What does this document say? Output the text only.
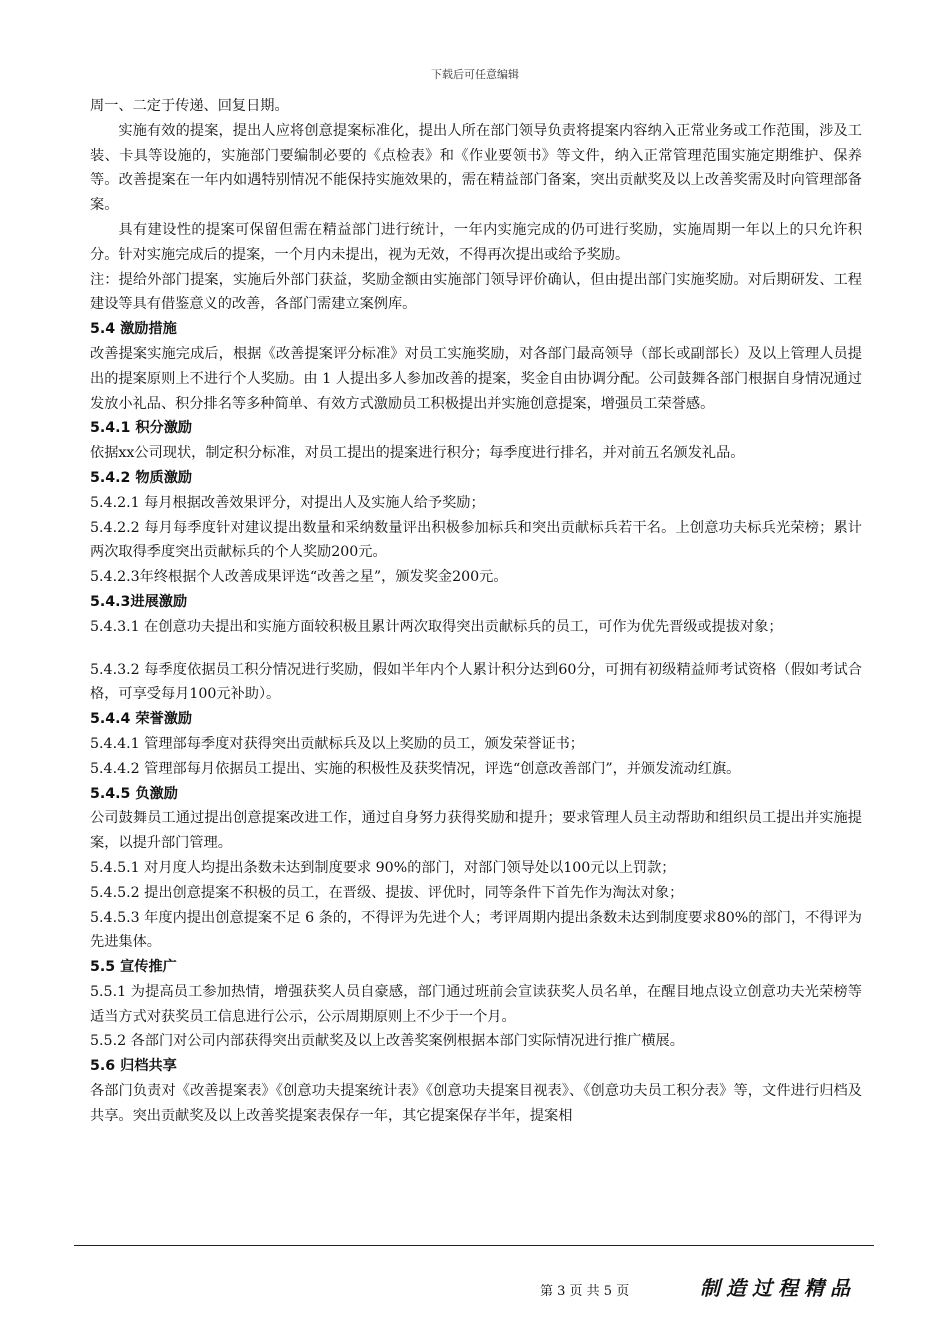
下载后可任意编辑

周一、二定于传递、回复日期。

实施有效的提案，提出人应将创意提案标准化，提出人所在部门领导负责将提案内容纳入正常业务或工作范围，涉及工装、卡具等设施的，实施部门要编制必要的《点检表》和《作业要领书》等文件，纳入正常管理范围实施定期维护、保养等。改善提案在一年内如遇特别情况不能保持实施效果的，需在精益部门备案，突出贡献奖及以上改善奖需及时向管理部备案。

具有建设性的提案可保留但需在精益部门进行统计，一年内实施完成的仍可进行奖励，实施周期一年以上的只允许积分。针对实施完成后的提案，一个月内未提出，视为无效，不得再次提出或给予奖励。

注：提给外部门提案，实施后外部门获益，奖励金额由实施部门领导评价确认，但由提出部门实施奖励。对后期研发、工程建设等具有借鉴意义的改善，各部门需建立案例库。

5.4 激励措施

改善提案实施完成后，根据《改善提案评分标准》对员工实施奖励，对各部门最高领导（部长或副部长）及以上管理人员提出的提案原则上不进行个人奖励。由 1 人提出多人参加改善的提案，奖金自由协调分配。公司鼓舞各部门根据自身情况通过发放小礼品、积分排名等多种简单、有效方式激励员工积极提出并实施创意提案，增强员工荣誉感。

5.4.1 积分激励

依据xx公司现状，制定积分标准，对员工提出的提案进行积分；每季度进行排名，并对前五名颁发礼品。

5.4.2 物质激励

5.4.2.1 每月根据改善效果评分，对提出人及实施人给予奖励；

5.4.2.2 每月每季度针对建议提出数量和采纳数量评出积极参加标兵和突出贡献标兵若干名。上创意功夫标兵光荣榜；累计两次取得季度突出贡献标兵的个人奖励200元。

5.4.2.3年终根据个人改善成果评选“改善之星”，颁发奖金200元。

5.4.3进展激励

5.4.3.1 在创意功夫提出和实施方面较积极且累计两次取得突出贡献标兵的员工，可作为优先晋级或提拔对象；

5.4.3.2 每季度依据员工积分情况进行奖励，假如半年内个人累计积分达到60分，可拥有初级精益师考试资格（假如考试合格，可享受每月100元补助）。

5.4.4 荣誉激励

5.4.4.1 管理部每季度对获得突出贡献标兵及以上奖励的员工，颁发荣誉证书；

5.4.4.2 管理部每月依据员工提出、实施的积极性及获奖情况，评选“创意改善部门”，并颁发流动红旗。

5.4.5 负激励

公司鼓舞员工通过提出创意提案改进工作，通过自身努力获得奖励和提升；要求管理人员主动帮助和组织员工提出并实施提案，以提升部门管理。

5.4.5.1 对月度人均提出条数未达到制度要求 90%的部门，对部门领导处以100元以上罚款；

5.4.5.2 提出创意提案不积极的员工，在晋级、提拔、评优时，同等条件下首先作为淘汰对象；

5.4.5.3 年度内提出创意提案不足 6 条的，不得评为先进个人；考评周期内提出条数未达到制度要求80%的部门，不得评为先进集体。

5.5 宣传推广

5.5.1 为提高员工参加热情，增强获奖人员自豪感，部门通过班前会宣读获奖人员名单，在醒目地点设立创意功夫光荣榜等适当方式对获奖员工信息进行公示，公示周期原则上不少于一个月。

5.5.2 各部门对公司内部获得突出贡献奖及以上改善奖案例根据本部门实际情况进行推广横展。

5.6 归档共享

各部门负责对《改善提案表》《创意功夫提案统计表》《创意功夫提案目视表》、《创意功夫员工积分表》等，文件进行归档及共享。突出贡献奖及以上改善奖提案表保存一年，其它提案保存半年，提案相

第 3 页 共 5 页	制造过程精品
